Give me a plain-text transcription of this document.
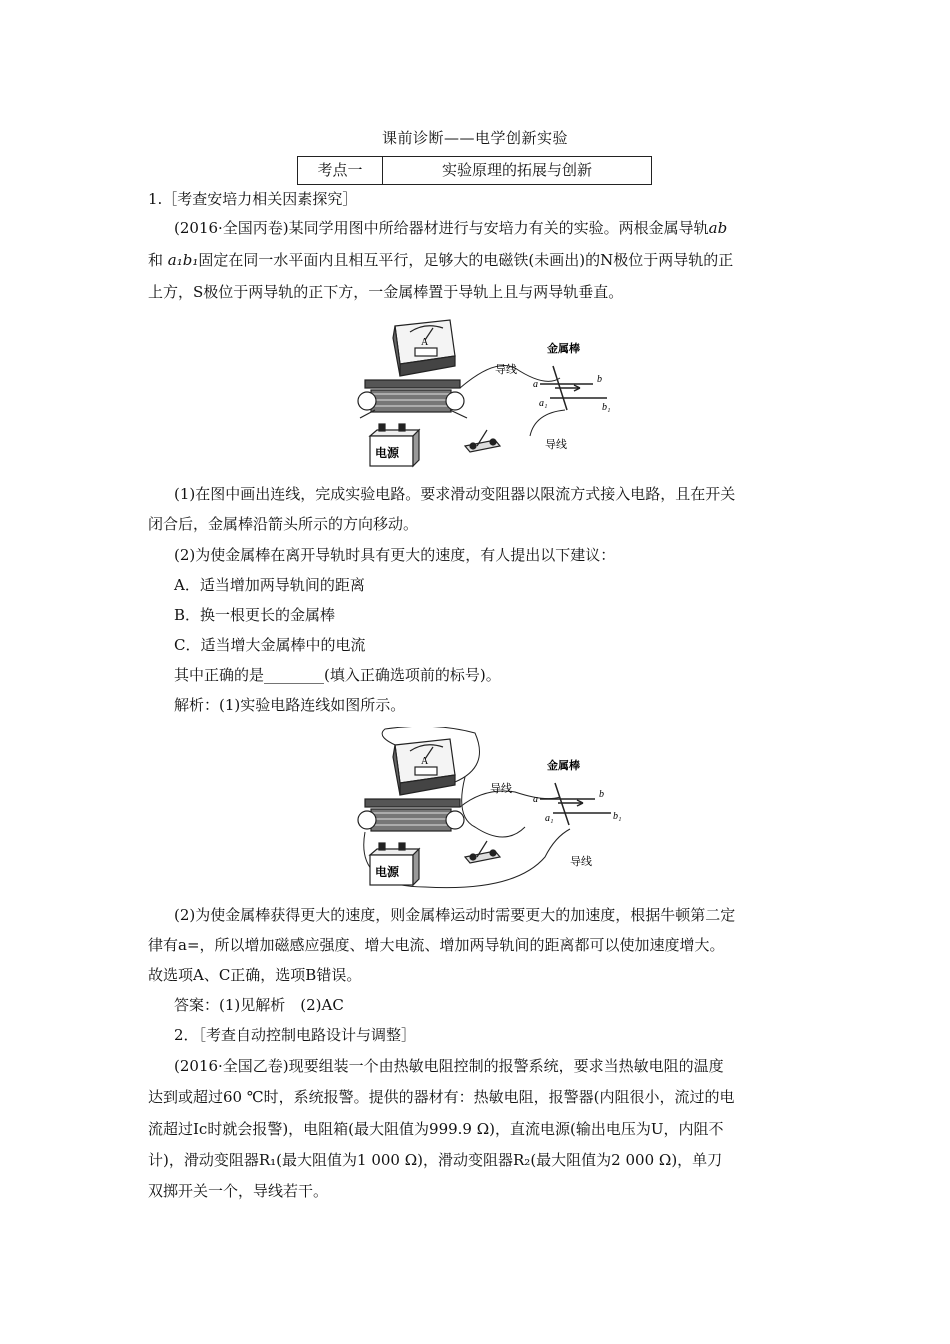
课前诊断——电学创新实验
考点一	实验原理的拓展与创新
1.［考查安培力相关因素探究］
(2016·全国丙卷)某同学用图中所给器材进行与安培力有关的实验。两根金属导轨ab
和 a₁b₁固定在同一水平面内且相互平行，足够大的电磁铁(未画出)的N极位于两导轨的正
上方，S极位于两导轨的正下方，一金属棒置于导轨上且与两导轨垂直。
A
电源
导线
导线
金属棒
a	b
a₁	b₁
(1)在图中画出连线，完成实验电路。要求滑动变阻器以限流方式接入电路，且在开关
闭合后，金属棒沿箭头所示的方向移动。
(2)为使金属棒在离开导轨时具有更大的速度，有人提出以下建议：
A．适当增加两导轨间的距离
B．换一根更长的金属棒
C．适当增大金属棒中的电流
其中正确的是________(填入正确选项前的标号)。
解析：(1)实验电路连线如图所示。
A
电源
导线
导线
金属棒
a	b
a₁	b₁
(2)为使金属棒获得更大的速度，则金属棒运动时需要更大的加速度，根据牛顿第二定
律有a=，所以增加磁感应强度、增大电流、增加两导轨间的距离都可以使加速度增大。
故选项A、C正确，选项B错误。
答案：(1)见解析　(2)AC
2．［考查自动控制电路设计与调整］
(2016·全国乙卷)现要组装一个由热敏电阻控制的报警系统，要求当热敏电阻的温度
达到或超过60 ℃时，系统报警。提供的器材有：热敏电阻，报警器(内阻很小，流过的电
流超过Ic时就会报警)，电阻箱(最大阻值为999.9 Ω)，直流电源(输出电压为U，内阻不
计)，滑动变阻器R₁(最大阻值为1 000 Ω)，滑动变阻器R₂(最大阻值为2 000 Ω)，单刀
双掷开关一个，导线若干。
